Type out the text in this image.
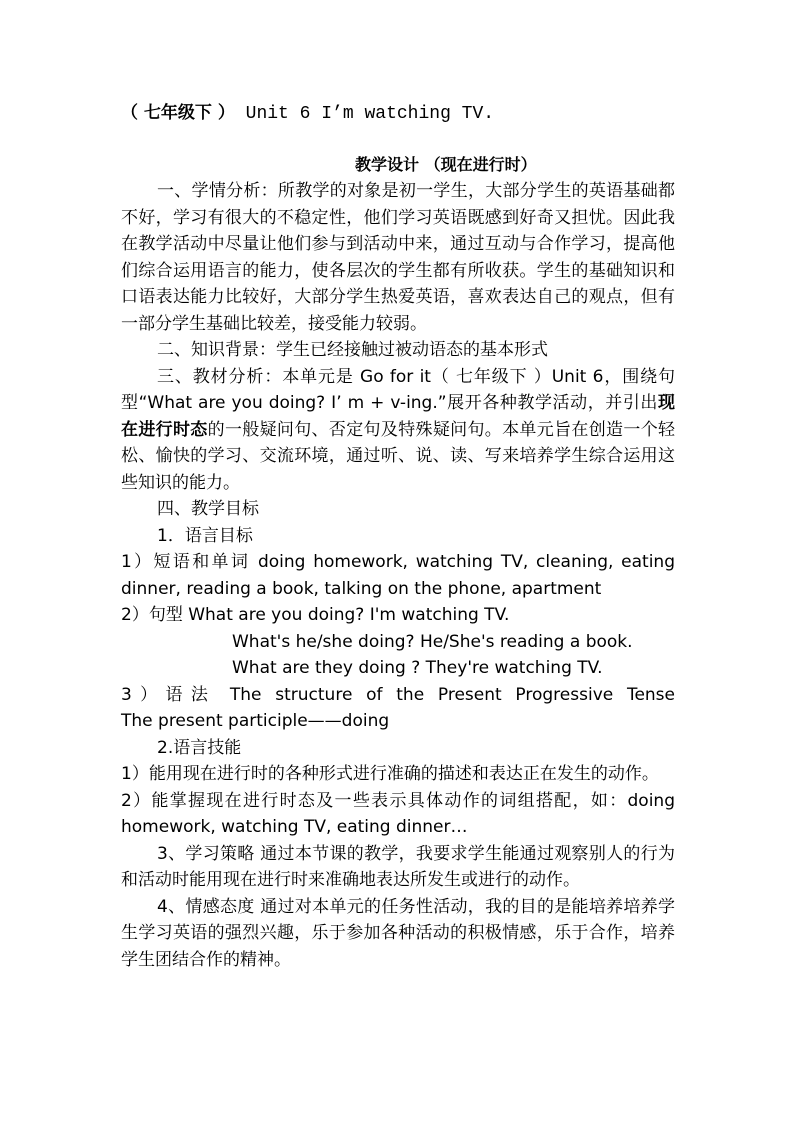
（ 七年级下 ） Unit 6 I’m watching TV.
教学设计 （现在进行时）

一、学情分析：所教学的对象是初一学生，大部分学生的英语基础都不好，学习有很大的不稳定性，他们学习英语既感到好奇又担忧。因此我在教学活动中尽量让他们参与到活动中来，通过互动与合作学习，提高他们综合运用语言的能力，使各层次的学生都有所收获。学生的基础知识和口语表达能力比较好，大部分学生热爱英语，喜欢表达自己的观点，但有一部分学生基础比较差，接受能力较弱。

二、知识背景：学生已经接触过被动语态的基本形式

三、教材分析：本单元是 Go for it（ 七年级下 ）Unit 6，围绕句型“What are you doing? I’ m + v-ing.”展开各种教学活动，并引出现在进行时态的一般疑问句、否定句及特殊疑问句。本单元旨在创造一个轻松、愉快的学习、交流环境，通过听、说、读、写来培养学生综合运用这些知识的能力。

四、教学目标

1．语言目标

1）短语和单词 doing homework, watching TV, cleaning, eating dinner, reading a book, talking on the phone, apartment

2）句型 What are you doing? I'm watching TV.

What's he/she doing? He/She's reading a book.

What are they doing ? They're watching TV.

3）语法 The structure of the Present Progressive Tense

The present participle——doing

2.语言技能

1）能用现在进行时的各种形式进行准确的描述和表达正在发生的动作。

2）能掌握现在进行时态及一些表示具体动作的词组搭配，如：doing homework, watching TV, eating dinner…

3、学习策略 通过本节课的教学，我要求学生能通过观察别人的行为和活动时能用现在进行时来准确地表达所发生或进行的动作。

4、情感态度 通过对本单元的任务性活动，我的目的是能培养培养学生学习英语的强烈兴趣，乐于参加各种活动的积极情感，乐于合作，培养学生团结合作的精神。
